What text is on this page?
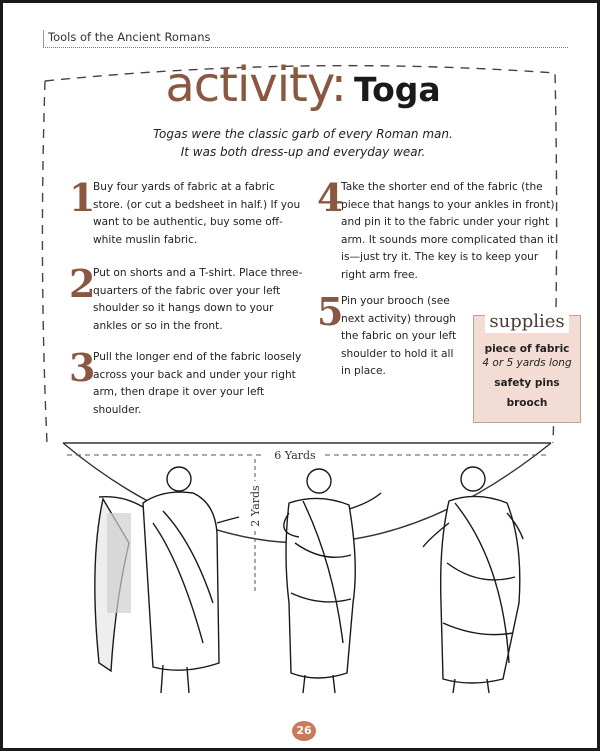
Tools of the Ancient Romans
6 Yards
2 Yards
activity: Toga
Togas were the classic garb of every Roman man.
It was both dress-up and everyday wear.
1
Buy four yards of fabric at a fabric store. (or cut a bedsheet in half.) If you want to be authentic, buy some off-white muslin fabric.
2
Put on shorts and a T-shirt. Place three-quarters of the fabric over your left shoulder so it hangs down to your ankles or so in the front.
3
Pull the longer end of the fabric loosely across your back and under your right arm, then drape it over your left shoulder.
4
Take the shorter end of the fabric (the piece that hangs to your ankles in front) and pin it to the fabric under your right arm. It sounds more complicated than it is—just try it. The key is to keep your right arm free.
5
Pin your brooch (see next activity) through the fabric on your left shoulder to hold it all in place.
supplies
piece of fabric
4 or 5 yards long
safety pins
brooch
26
